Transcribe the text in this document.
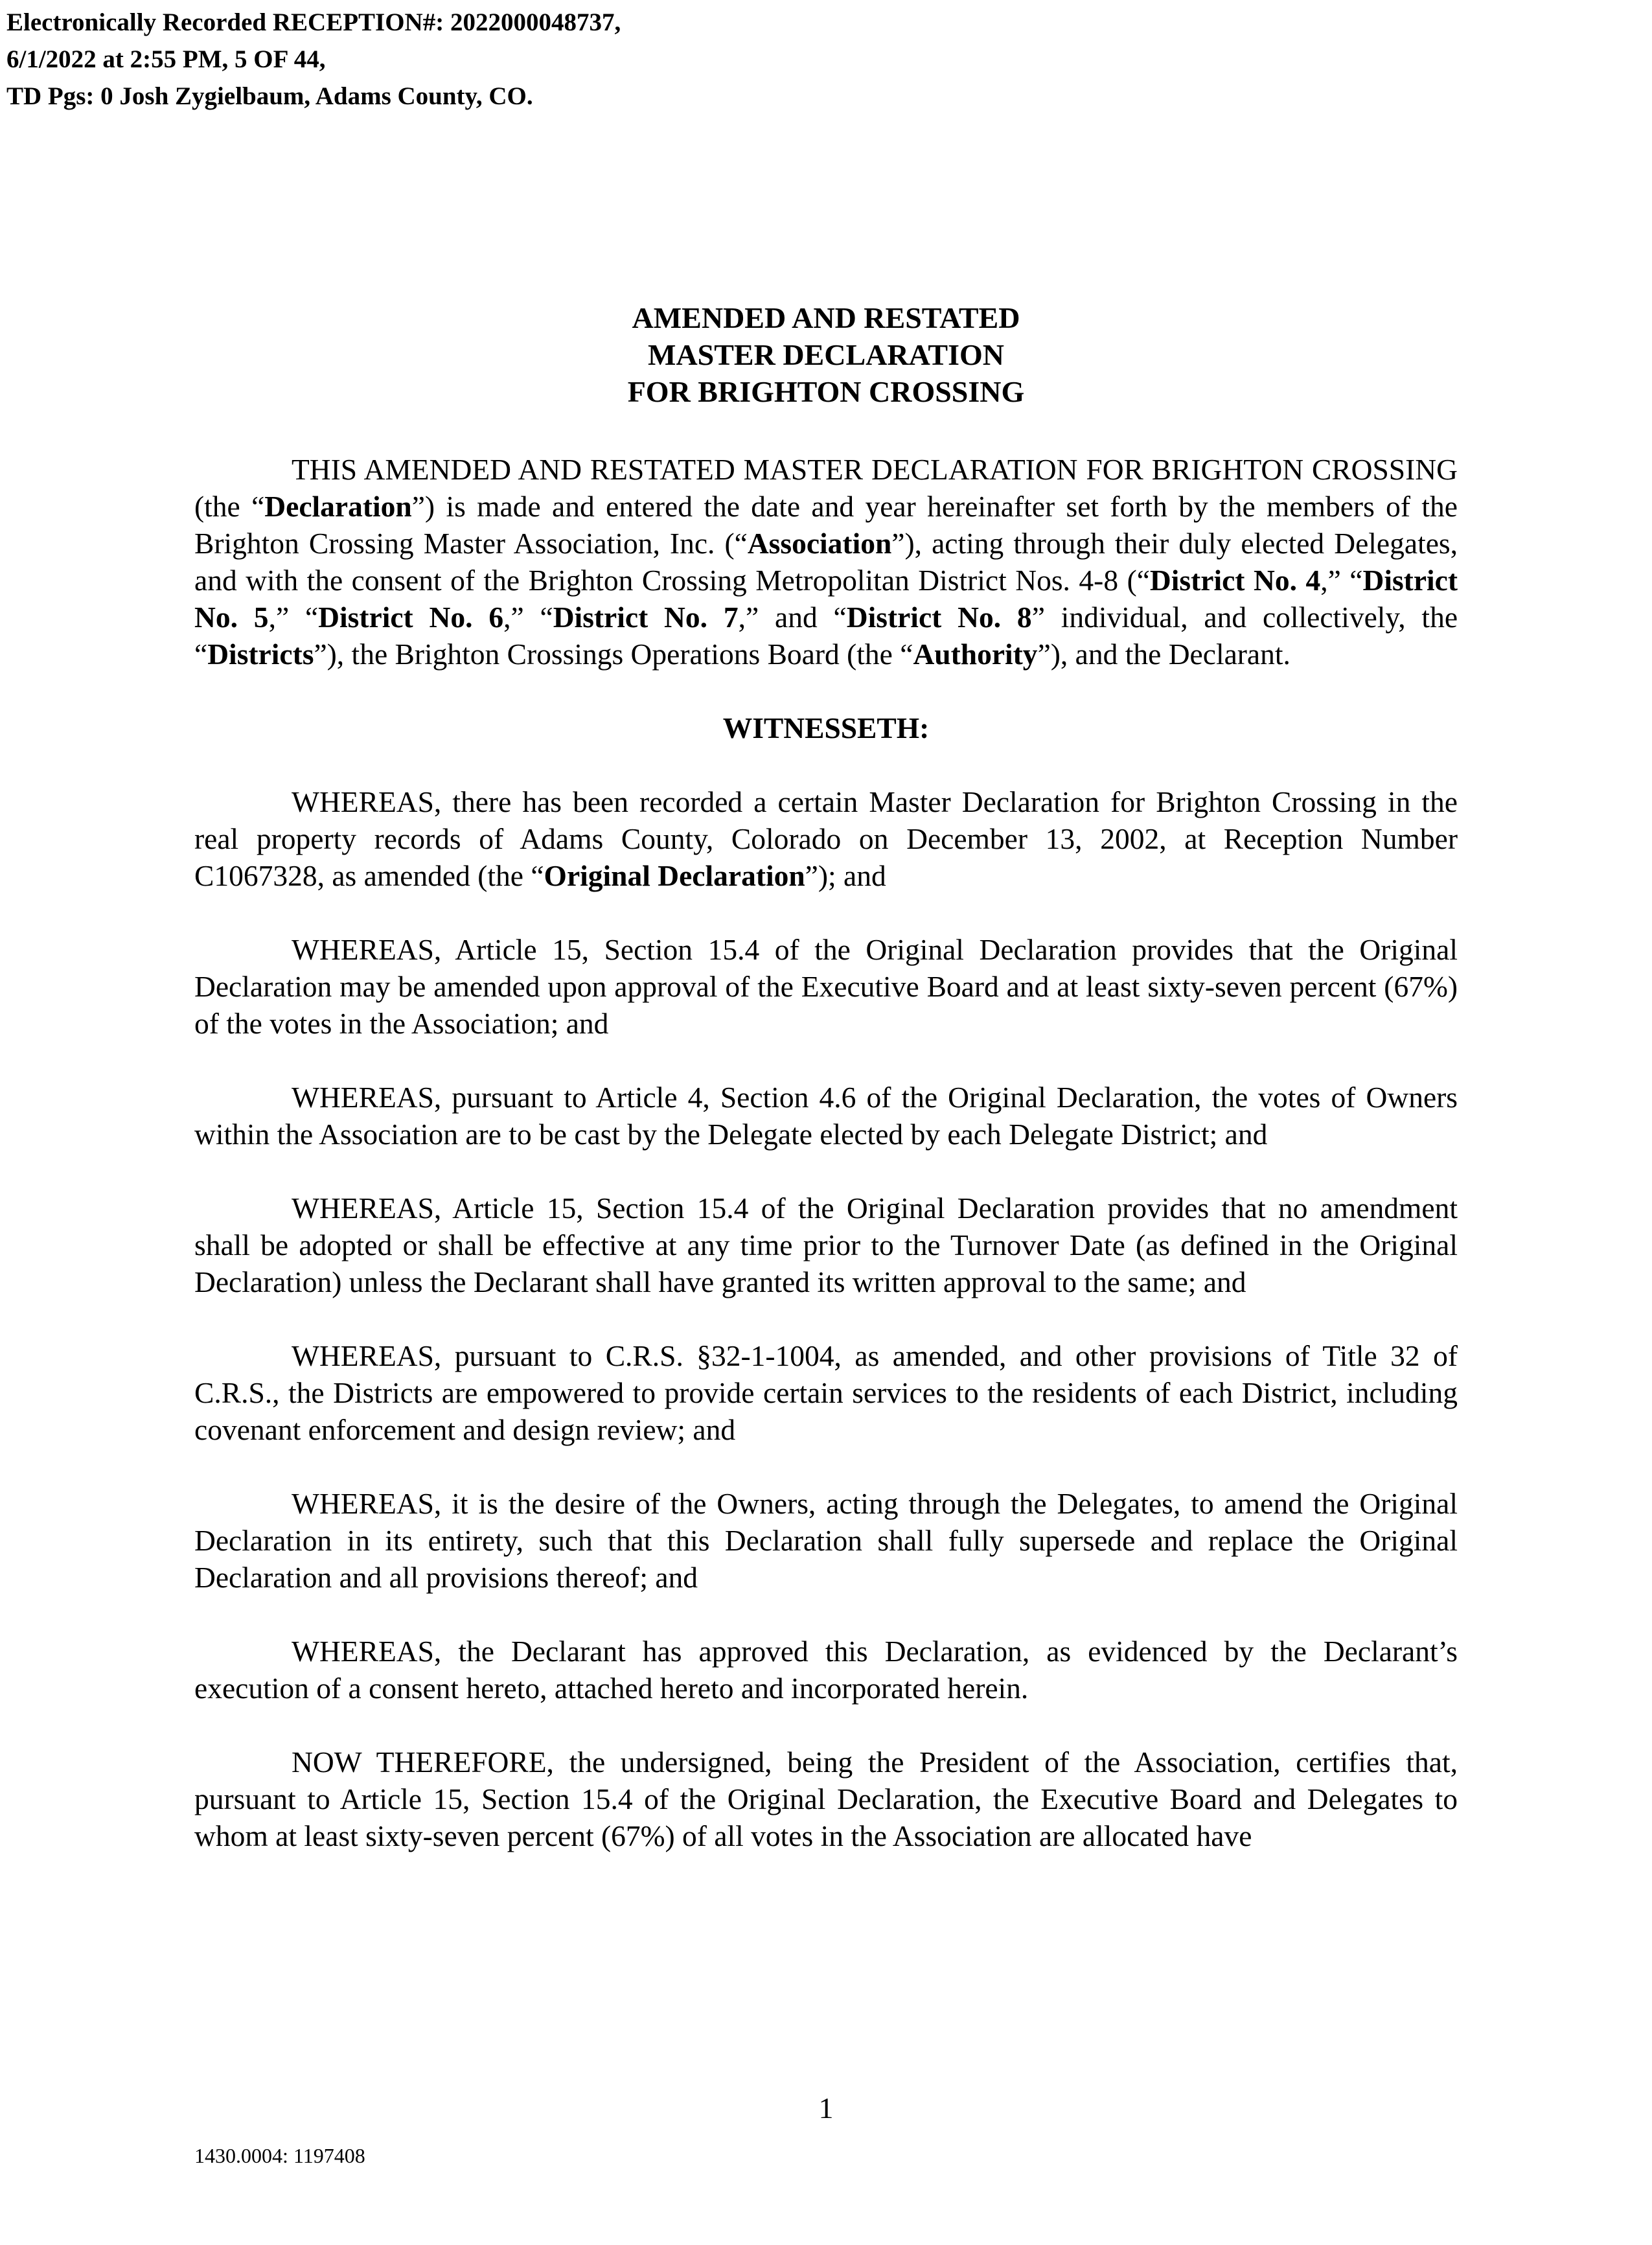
Electronically Recorded RECEPTION#: 2022000048737,
6/1/2022 at 2:55 PM, 5 OF 44,
TD Pgs: 0 Josh Zygielbaum, Adams County, CO.
AMENDED AND RESTATED
MASTER DECLARATION
FOR BRIGHTON CROSSING

THIS AMENDED AND RESTATED MASTER DECLARATION FOR BRIGHTON CROSSING (the “Declaration”) is made and entered the date and year hereinafter set forth by the members of the Brighton Crossing Master Association, Inc. (“Association”), acting through their duly elected Delegates, and with the consent of the Brighton Crossing Metropolitan District Nos. 4-8 (“District No. 4,” “District No. 5,” “District No. 6,” “District No. 7,” and “District No. 8” individual, and collectively, the “Districts”), the Brighton Crossings Operations Board (the “Authority”), and the Declarant.

WITNESSETH:

WHEREAS, there has been recorded a certain Master Declaration for Brighton Crossing in the real property records of Adams County, Colorado on December 13, 2002, at Reception Number C1067328, as amended (the “Original Declaration”); and

WHEREAS, Article 15, Section 15.4 of the Original Declaration provides that the Original Declaration may be amended upon approval of the Executive Board and at least sixty-seven percent (67%) of the votes in the Association; and

WHEREAS, pursuant to Article 4, Section 4.6 of the Original Declaration, the votes of Owners within the Association are to be cast by the Delegate elected by each Delegate District; and

WHEREAS, Article 15, Section 15.4 of the Original Declaration provides that no amendment shall be adopted or shall be effective at any time prior to the Turnover Date (as defined in the Original Declaration) unless the Declarant shall have granted its written approval to the same; and

WHEREAS, pursuant to C.R.S. §32-1-1004, as amended, and other provisions of Title 32 of C.R.S., the Districts are empowered to provide certain services to the residents of each District, including covenant enforcement and design review; and

WHEREAS, it is the desire of the Owners, acting through the Delegates, to amend the Original Declaration in its entirety, such that this Declaration shall fully supersede and replace the Original Declaration and all provisions thereof; and

WHEREAS, the Declarant has approved this Declaration, as evidenced by the Declarant’s execution of a consent hereto, attached hereto and incorporated herein.

NOW THEREFORE, the undersigned, being the President of the Association, certifies that, pursuant to Article 15, Section 15.4 of the Original Declaration, the Executive Board and Delegates to whom at least sixty-seven percent (67%) of all votes in the Association are allocated have

1
1430.0004: 1197408
